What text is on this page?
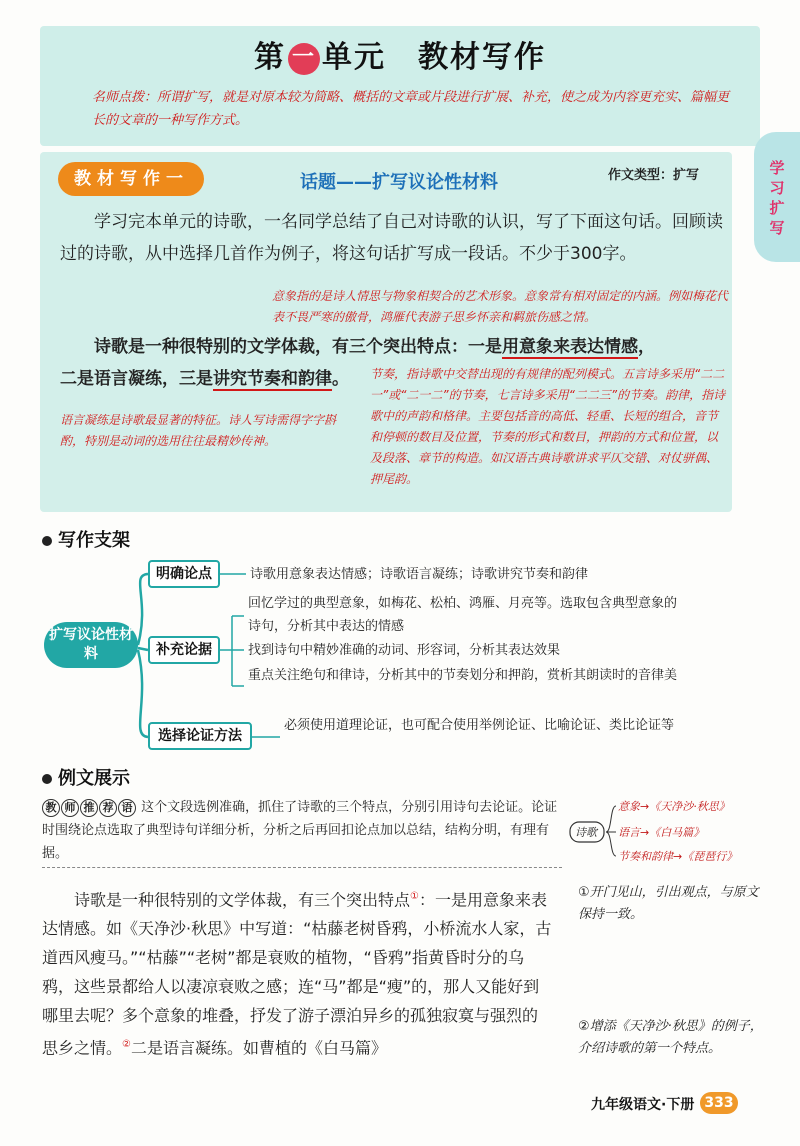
第 一 单元　教材写作
名师点拨：所谓扩写，就是对原本较为简略、概括的文章或片段进行扩展、补充，使之成为内容更充实、篇幅更长的文章的一种写作方式。
学习扩写
教材写作一	话题——扩写议论性材料	作文类型：扩写
学习完本单元的诗歌，一名同学总结了自己对诗歌的认识，写了下面这句话。回顾读过的诗歌，从中选择几首作为例子，将这句话扩写成一段话。不少于300字。
意象指的是诗人情思与物象相契合的艺术形象。意象常有相对固定的内涵。例如梅花代表不畏严寒的傲骨，鸿雁代表游子思乡怀亲和羁旅伤感之情。
诗歌是一种很特别的文学体裁，有三个突出特点：一是用意象来表达情感，
二是语言凝练，三是讲究节奏和韵律。
语言凝练是诗歌最显著的特征。诗人写诗需得字字斟酌，特别是动词的选用往往最精妙传神。
节奏，指诗歌中交替出现的有规律的配列模式。五言诗多采用“二二一”或“二一二”的节奏，七言诗多采用“二二三”的节奏。韵律，指诗歌中的声韵和格律。主要包括音的高低、轻重、长短的组合，音节和停顿的数目及位置，节奏的形式和数目，押韵的方式和位置，以及段落、章节的构造。如汉语古典诗歌讲求平仄交错、对仗骈偶、押尾韵。
写作支架
扩写议论性材料
明确论点	诗歌用意象表达情感；诗歌语言凝练；诗歌讲究节奏和韵律
补充论据
回忆学过的典型意象，如梅花、松柏、鸿雁、月亮等。选取包含典型意象的诗句，分析其中表达的情感
找到诗句中精妙准确的动词、形容词，分析其表达效果
重点关注绝句和律诗，分析其中的节奏划分和押韵，赏析其朗读时的音律美
选择论证方法
必须使用道理论证，也可配合使用举例论证、比喻论证、类比论证等
例文展示
教 师 推 荐 语 这个文段选例准确，抓住了诗歌的三个特点，分别引用诗句去论证。论证时围绕论点选取了典型诗句详细分析，分析之后再回扣论点加以总结，结构分明，有理有据。
诗歌
意象→《天净沙·秋思》
语言→《白马篇》
节奏和韵律→《琵琶行》
诗歌是一种很特别的文学体裁，有三个突出特点①：一是用意象来表达情感。如《天净沙·秋思》中写道：“枯藤老树昏鸦，小桥流水人家，古道西风瘦马。”“枯藤”“老树”都是衰败的植物，“昏鸦”指黄昏时分的乌鸦，这些景都给人以凄凉衰败之感；连“马”都是“瘦”的，那人又能好到哪里去呢？多个意象的堆叠，抒发了游子漂泊异乡的孤独寂寞与强烈的思乡之情。②二是语言凝练。如曹植的《白马篇》
①开门见山，引出观点，与原文保持一致。
②增添《天净沙·秋思》的例子，介绍诗歌的第一个特点。
九年级语文·下册 333
